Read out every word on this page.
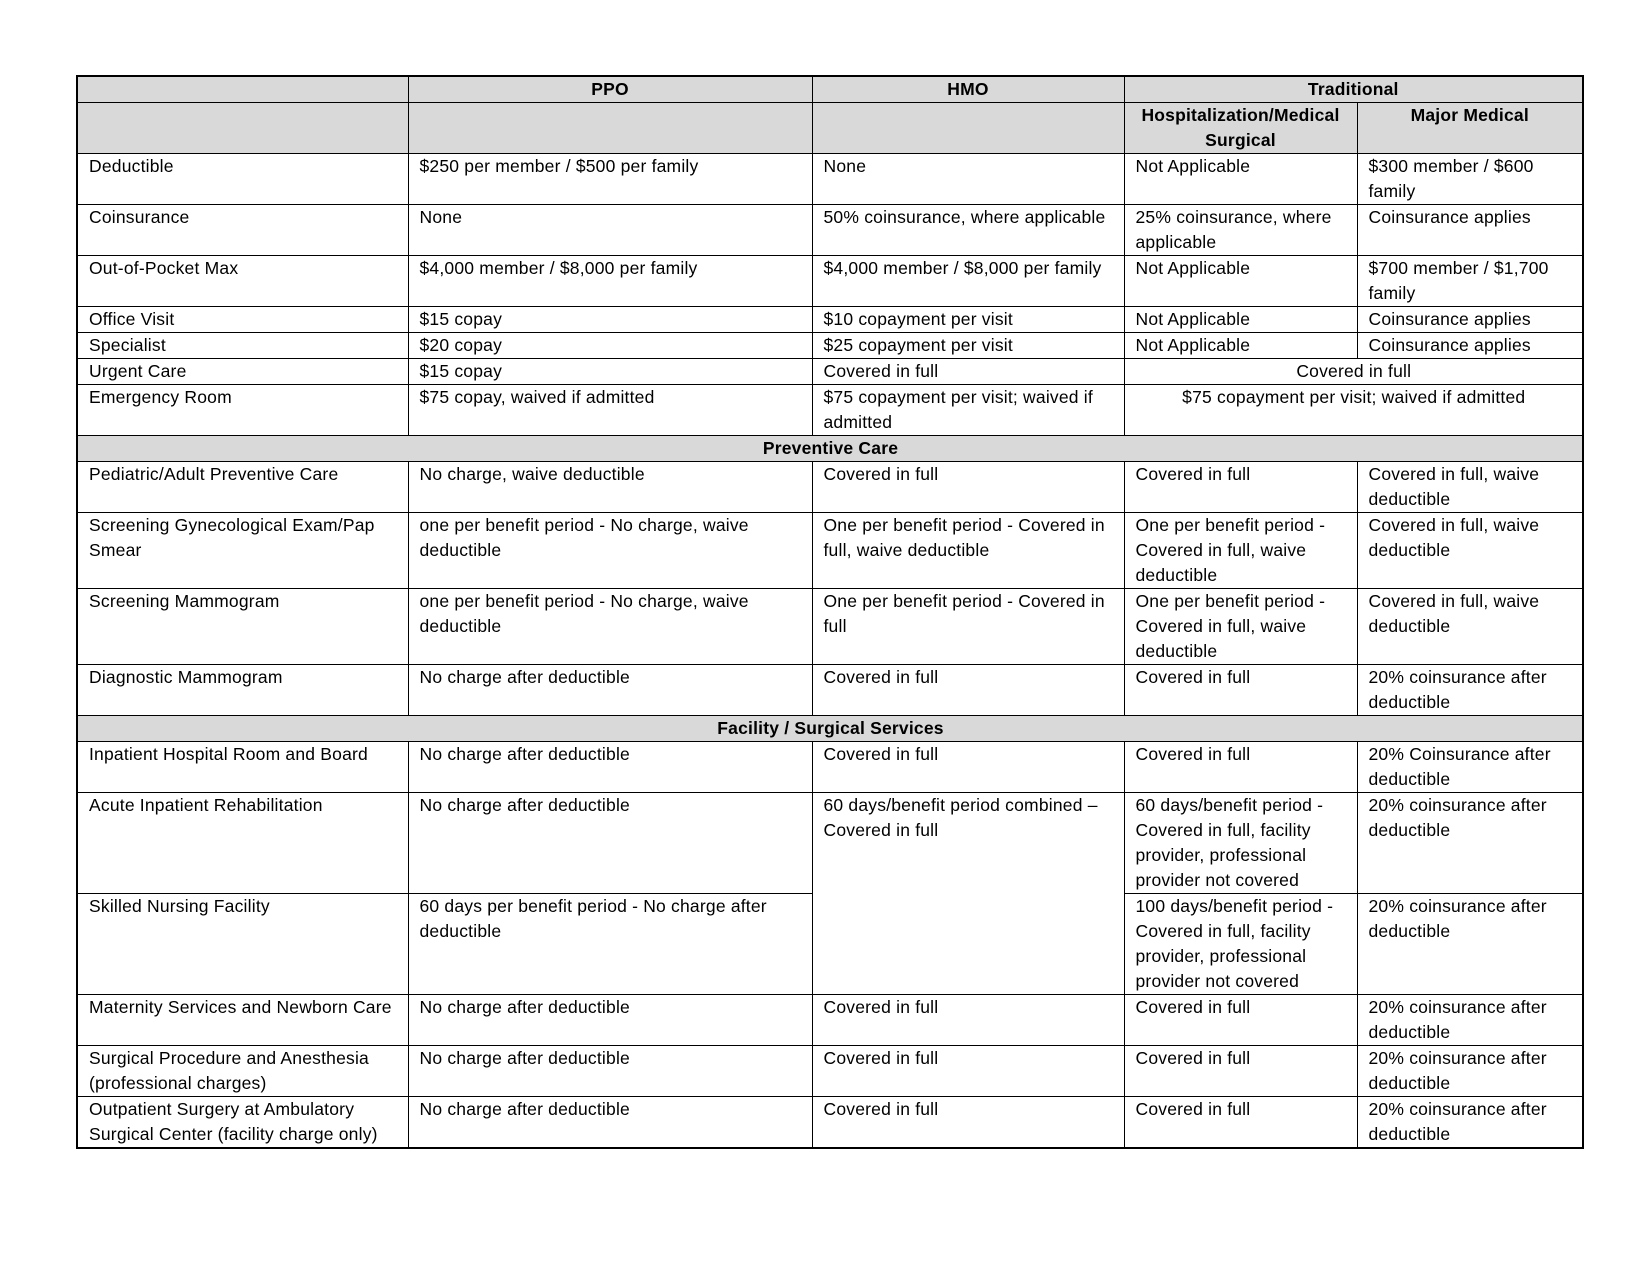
	PPO	HMO	Traditional	
			Hospitalization/Medical Surgical	Major Medical
Deductible	$250 per member / $500 per family	None	Not Applicable	$300 member / $600 family
Coinsurance	None	50% coinsurance, where applicable	25% coinsurance, where applicable	Coinsurance applies
Out-of-Pocket Max	$4,000 member / $8,000 per family	$4,000 member / $8,000 per family	Not Applicable	$700 member / $1,700 family
Office Visit	$15 copay	$10 copayment per visit	Not Applicable	Coinsurance applies
Specialist	$20 copay	$25 copayment per visit	Not Applicable	Coinsurance applies
Urgent Care	$15 copay	Covered in full	Covered in full	
Emergency Room	$75 copay, waived if admitted	$75 copayment per visit; waived if admitted	$75 copayment per visit; waived if admitted	
Preventive Care				
Pediatric/Adult Preventive Care	No charge, waive deductible	Covered in full	Covered in full	Covered in full, waive deductible
Screening Gynecological Exam/Pap Smear	one per benefit period - No charge, waive deductible	One per benefit period - Covered in full, waive deductible	One per benefit period - Covered in full, waive deductible	Covered in full, waive deductible
Screening Mammogram	one per benefit period - No charge, waive deductible	One per benefit period - Covered in full	One per benefit period - Covered in full, waive deductible	Covered in full, waive deductible
Diagnostic Mammogram	No charge after deductible	Covered in full	Covered in full	20% coinsurance after deductible
Facility / Surgical Services				
Inpatient Hospital Room and Board	No charge after deductible	Covered in full	Covered in full	20% Coinsurance after deductible
Acute Inpatient Rehabilitation	No charge after deductible	60 days/benefit period combined – Covered in full	60 days/benefit period - Covered in full, facility provider, professional provider not covered	20% coinsurance after deductible
Skilled Nursing Facility	60 days per benefit period - No charge after deductible		100 days/benefit period - Covered in full, facility provider, professional provider not covered	20% coinsurance after deductible
Maternity Services and Newborn Care	No charge after deductible	Covered in full	Covered in full	20% coinsurance after deductible
Surgical Procedure and Anesthesia (professional charges)	No charge after deductible	Covered in full	Covered in full	20% coinsurance after deductible
Outpatient Surgery at Ambulatory Surgical Center (facility charge only)	No charge after deductible	Covered in full	Covered in full	20% coinsurance after deductible
